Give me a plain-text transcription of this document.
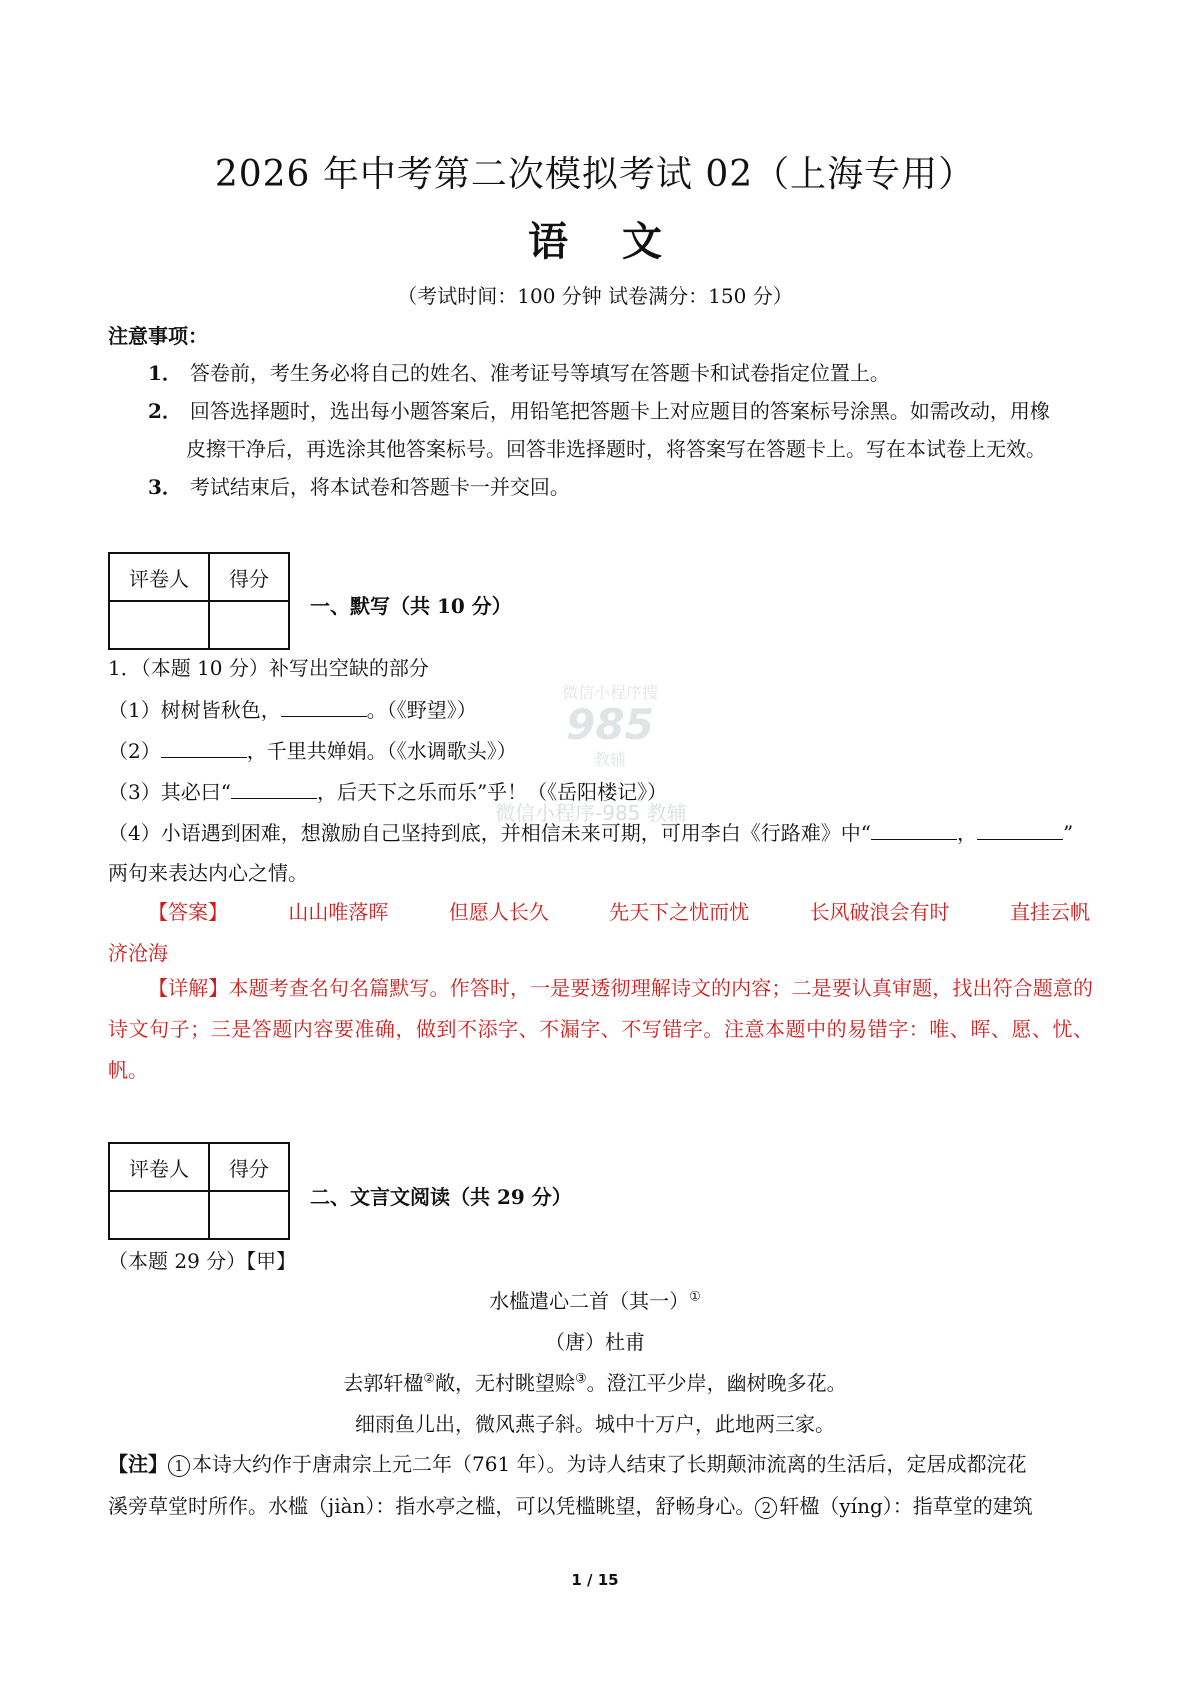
微信小程序搜
985
教辅
微信小程序-985 教辅
2026 年中考第二次模拟考试 02（上海专用）
语 文
（考试时间：100 分钟 试卷满分：150 分）
注意事项：
1． 答卷前，考生务必将自己的姓名、准考证号等填写在答题卡和试卷指定位置上。
2． 回答选择题时，选出每小题答案后，用铅笔把答题卡上对应题目的答案标号涂黑。如需改动，用橡
皮擦干净后，再选涂其他答案标号。回答非选择题时，将答案写在答题卡上。写在本试卷上无效。
3． 考试结束后，将本试卷和答题卡一并交回。
评卷人	得分

一、默写（共 10 分）
1．（本题 10 分）补写出空缺的部分
（1）树树皆秋色，	。（《野望》）
（2）	，千里共婵娟。（《水调歌头》）
（3）其必曰“	，后天下之乐而乐”乎！（《岳阳楼记》）
（4）小语遇到困难，想激励自己坚持到底，并相信未来可期，可用李白《行路难》中“	，	”
两句来表达内心之情。
【答案】	山山唯落晖	但愿人长久	先天下之忧而忧	长风破浪会有时	直挂云帆
济沧海
【详解】本题考查名句名篇默写。作答时，一是要透彻理解诗文的内容；二是要认真审题，找出符合题意的诗文句子；三是答题内容要准确，做到不添字、不漏字、不写错字。注意本题中的易错字：唯、晖、愿、忧、帆。
评卷人	得分

二、文言文阅读（共 29 分）
（本题 29 分）【甲】
水槛遣心二首（其一）①
（唐）杜甫
去郭轩楹②敞，无村眺望赊③。澄江平少岸，幽树晚多花。
细雨鱼儿出，微风燕子斜。城中十万户，此地两三家。
【注】 1 本诗大约作于唐肃宗上元二年（761 年）。为诗人结束了长期颠沛流离的生活后，定居成都浣花
溪旁草堂时所作。水槛（jiàn）：指水亭之槛，可以凭槛眺望，舒畅身心。 2 轩楹（yíng）：指草堂的建筑
1 / 15
